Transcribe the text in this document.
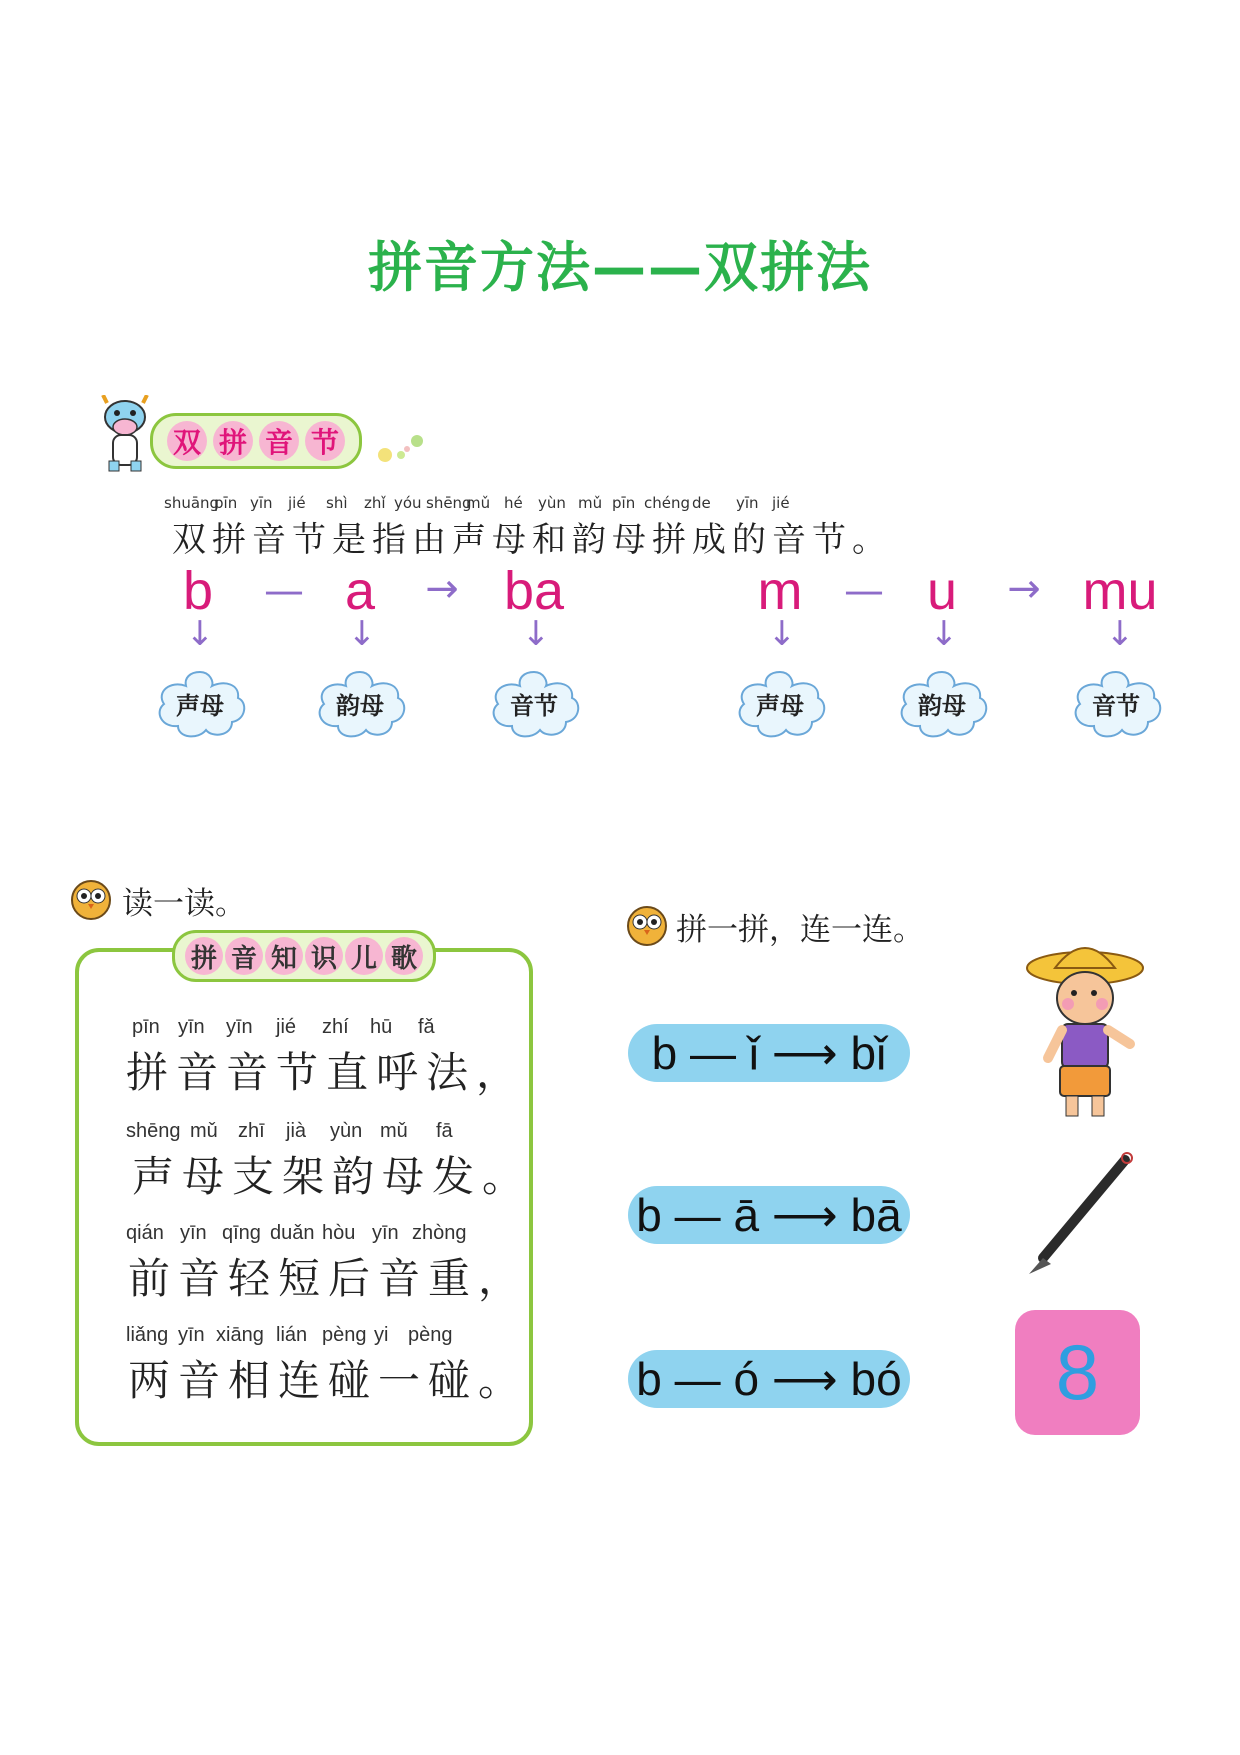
拼音方法——双拼法
双 拼 音 节
shuāng
pīn yīn	jié	shì	zhǐ yóu shēng
mǔ hé	yùn mǔ pīn chéng de	yīn jié
双拼音节是指由声母和韵母拼成的音节。
b	— a	→ ba
↓	↓	↓
m	— u	→ mu
↓	↓	↓
声母	韵母	音节	声母	韵母	音节
读一读。
拼 音 知 识 儿 歌
pīn yīn	yīn	jié	zhí	hū	fǎ
拼音音节直呼法，
shēng mǔ	zhī	jià	yùn mǔ	fā
声母支架韵母发。
qián yīn qīng duǎn hòu yīn zhòng
前音轻短后音重，
liǎng yīn xiāng lián pèng yi pèng
两音相连碰一碰。
拼一拼，连一连。
b — ǐ ⟶ bǐ
b — ā ⟶ bā
b — ó ⟶ bó	8
